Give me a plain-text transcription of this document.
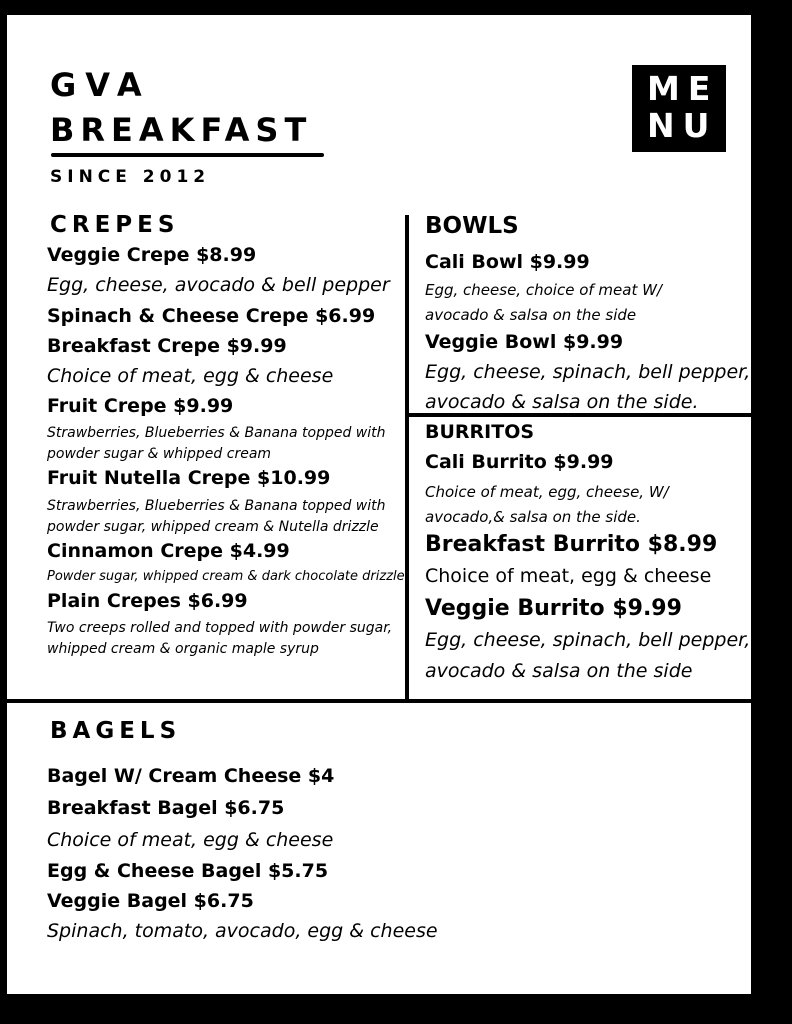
GVA
BREAKFAST
SINCE 2012
ME
NU
CREPES
Veggie Crepe $8.99
Egg, cheese, avocado & bell pepper
Spinach & Cheese Crepe $6.99
Breakfast Crepe $9.99
Choice of meat, egg & cheese
Fruit Crepe $9.99
Strawberries, Blueberries & Banana topped with
powder sugar & whipped cream
Fruit Nutella Crepe $10.99
Strawberries, Blueberries & Banana topped with
powder sugar, whipped cream & Nutella drizzle
Cinnamon Crepe $4.99
Powder sugar, whipped cream & dark chocolate drizzle
Plain Crepes $6.99
Two creeps rolled and topped with powder sugar,
whipped cream & organic maple syrup
BOWLS
Cali Bowl $9.99
Egg, cheese, choice of meat W/
avocado & salsa on the side
Veggie Bowl $9.99
Egg, cheese, spinach, bell pepper,
avocado & salsa on the side.
BURRITOS
Cali Burrito $9.99
Choice of meat, egg, cheese, W/
avocado,& salsa on the side.
Breakfast Burrito $8.99
Choice of meat, egg & cheese
Veggie Burrito $9.99
Egg, cheese, spinach, bell pepper,
avocado & salsa on the side
BAGELS
Bagel W/ Cream Cheese $4
Breakfast Bagel $6.75
Choice of meat, egg & cheese
Egg & Cheese Bagel $5.75
Veggie Bagel $6.75
Spinach, tomato, avocado, egg & cheese
